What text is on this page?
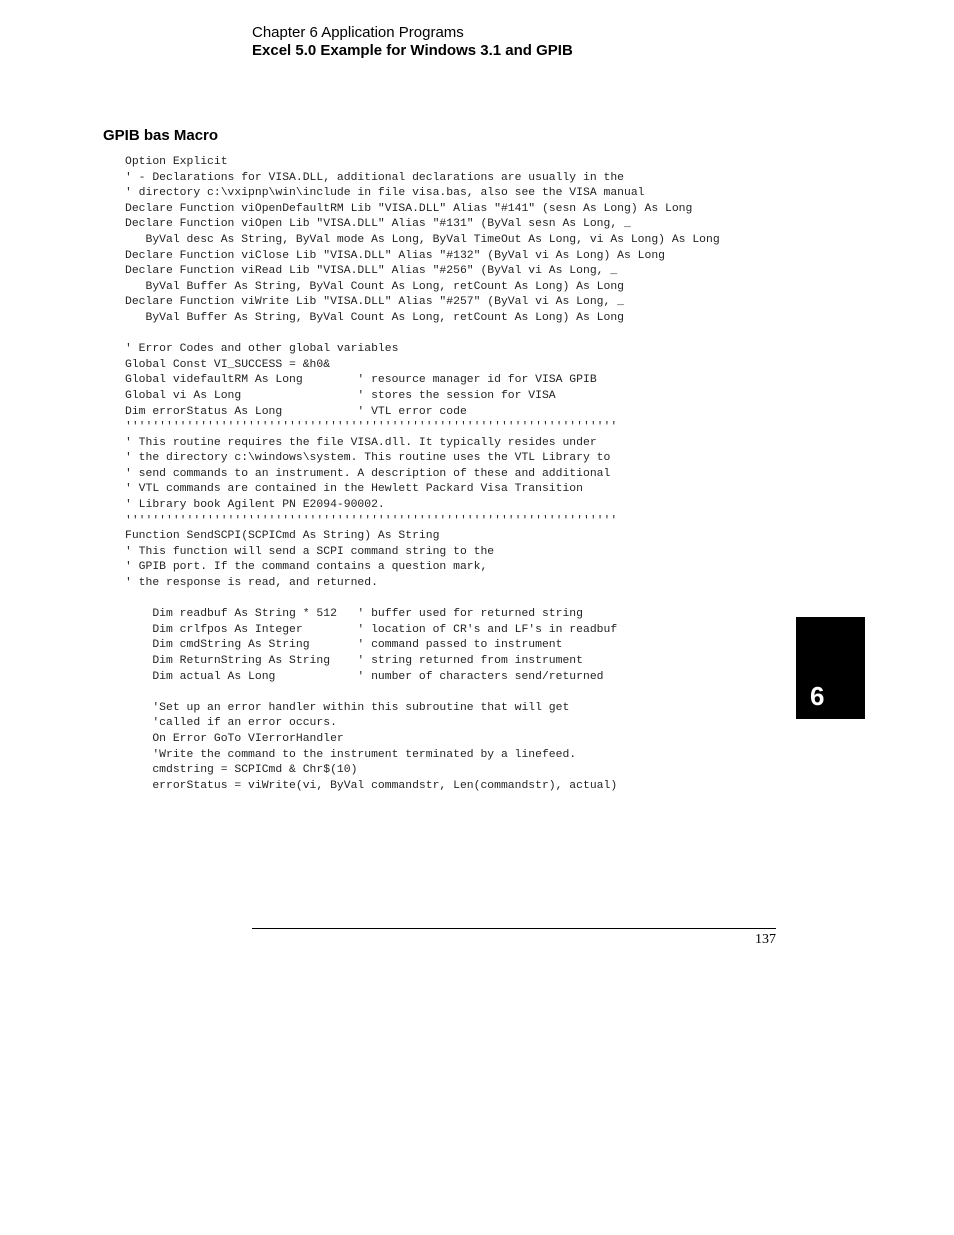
Chapter 6 Application Programs
Excel 5.0 Example for Windows 3.1 and GPIB
GPIB bas Macro
Option Explicit
' - Declarations for VISA.DLL, additional declarations are usually in the
' directory c:\vxipnp\win\include in file visa.bas, also see the VISA manual
Declare Function viOpenDefaultRM Lib "VISA.DLL" Alias "#141" (sesn As Long) As Long
Declare Function viOpen Lib "VISA.DLL" Alias "#131" (ByVal sesn As Long, _
ByVal desc As String, ByVal mode As Long, ByVal TimeOut As Long, vi As Long) As Long
Declare Function viClose Lib "VISA.DLL" Alias "#132" (ByVal vi As Long) As Long
Declare Function viRead Lib "VISA.DLL" Alias "#256" (ByVal vi As Long, _
ByVal Buffer As String, ByVal Count As Long, retCount As Long) As Long
Declare Function viWrite Lib "VISA.DLL" Alias "#257" (ByVal vi As Long, _
ByVal Buffer As String, ByVal Count As Long, retCount As Long) As Long
' Error Codes and other global variables
Global Const VI_SUCCESS = &h0&
Global videfaultRM As Long        ' resource manager id for VISA GPIB
Global vi As Long                 ' stores the session for VISA
Dim errorStatus As Long           ' VTL error code
''''''''''''''''''''''''''''''''''''''''''''''''''''''''''''''''''''''''
' This routine requires the file VISA.dll. It typically resides under
' the directory c:\windows\system. This routine uses the VTL Library to
' send commands to an instrument. A description of these and additional
' VTL commands are contained in the Hewlett Packard Visa Transition
' Library book Agilent PN E2094-90002.
''''''''''''''''''''''''''''''''''''''''''''''''''''''''''''''''''''''''
Function SendSCPI(SCPICmd As String) As String
' This function will send a SCPI command string to the
' GPIB port. If the command contains a question mark,
' the response is read, and returned.
Dim readbuf As String * 512   ' buffer used for returned string
Dim crlfpos As Integer        ' location of CR's and LF's in readbuf
Dim cmdString As String       ' command passed to instrument
Dim ReturnString As String    ' string returned from instrument
Dim actual As Long            ' number of characters send/returned
'Set up an error handler within this subroutine that will get
'called if an error occurs.
On Error GoTo VIerrorHandler
'Write the command to the instrument terminated by a linefeed.
cmdstring = SCPICmd & Chr$(10)
errorStatus = viWrite(vi, ByVal commandstr, Len(commandstr), actual)
6
137
